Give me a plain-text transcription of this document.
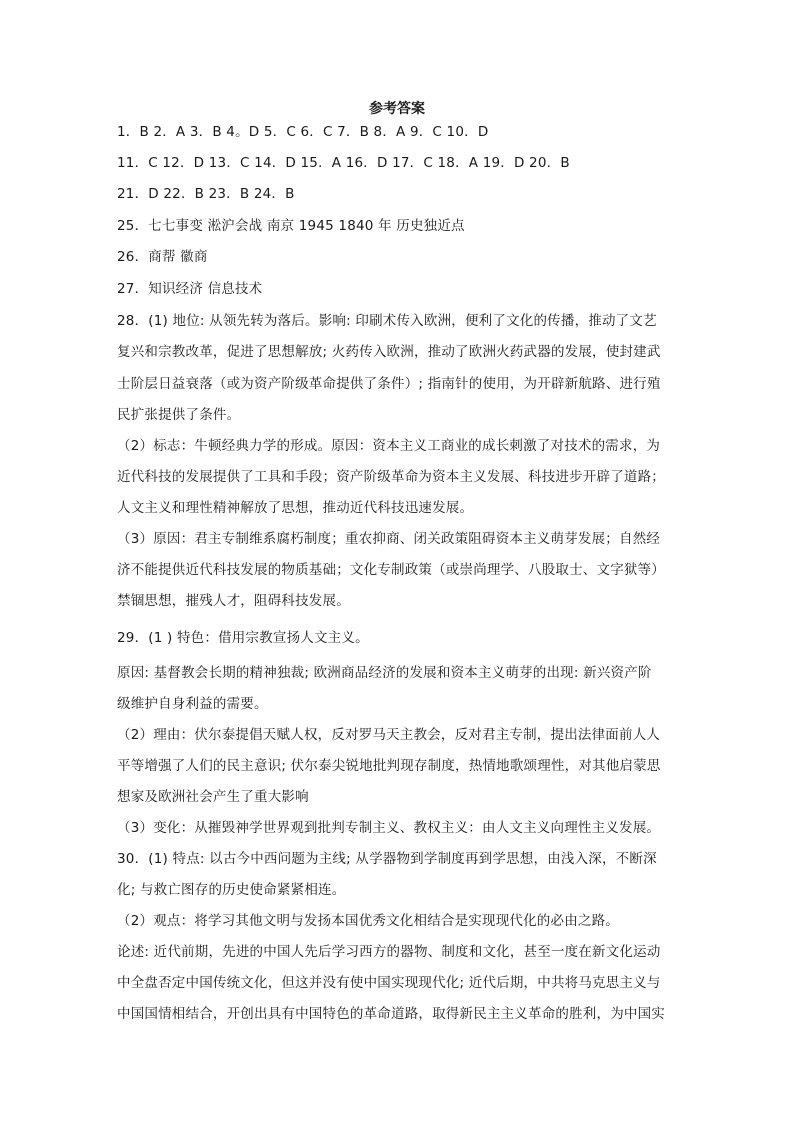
参考答案
1．B 2．A 3．B 4。D 5．C 6．C 7．B 8．A 9．C 10．D
11．C 12．D 13．C 14．D 15．A 16．D 17．C 18．A 19．D 20．B
21．D 22．B 23．B 24．B
25．七七事变 淞沪会战 南京 1945 1840 年 历史独近点
26．商帮 徽商
27．知识经济 信息技术
28．(1) 地位: 从领先转为落后。影响: 印刷术传入欧洲，便利了文化的传播，推动了文艺
复兴和宗教改革，促进了思想解放; 火药传入欧洲，推动了欧洲火药武器的发展，使封建武
士阶层日益衰落（或为资产阶级革命提供了条件）; 指南针的使用，为开辟新航路、进行殖
民扩张提供了条件。
（2）标志：牛顿经典力学的形成。原因：资本主义工商业的成长刺激了对技术的需求，为
近代科技的发展提供了工具和手段；资产阶级革命为资本主义发展、科技进步开辟了道路；
人文主义和理性精神解放了思想，推动近代科技迅速发展。
（3）原因：君主专制维系腐朽制度；重农抑商、闭关政策阻碍资本主义萌芽发展；自然经
济不能提供近代科技发展的物质基础；文化专制政策（或崇尚理学、八股取士、文字狱等）
禁锢思想，摧残人才，阻碍科技发展。
29．(1 ) 特色：借用宗教宣扬人文主义。
原因: 基督教会长期的精神独裁; 欧洲商品经济的发展和资本主义萌芽的出现: 新兴资产阶
级维护自身利益的需要。
（2）理由：伏尔泰提倡天赋人权，反对罗马天主教会，反对君主专制，提出法律面前人人
平等增强了人们的民主意识; 伏尔泰尖锐地批判现存制度，热情地歌颂理性，对其他启蒙思
想家及欧洲社会产生了重大影响
（3）变化：从摧毁神学世界观到批判专制主义、教权主义：由人文主义向理性主义发展。
30．(1) 特点: 以古今中西问题为主线; 从学器物到学制度再到学思想，由浅入深，不断深
化; 与救亡图存的历史使命紧紧相连。
（2）观点：将学习其他文明与发扬本国优秀文化相结合是实现现代化的必由之路。
论述: 近代前期，先进的中国人先后学习西方的器物、制度和文化，甚至一度在新文化运动
中全盘否定中国传统文化，但这并没有使中国实现现代化; 近代后期，中共将马克思主义与
中国国情相结合，开创出具有中国特色的革命道路，取得新民主主义革命的胜利，为中国实
